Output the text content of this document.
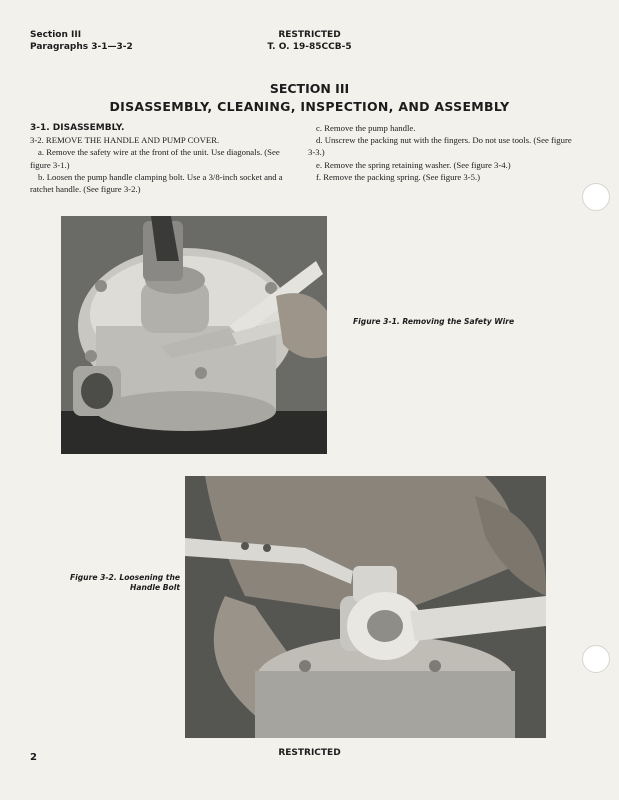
Section III
Paragraphs 3-1—3-2
RESTRICTED
T. O. 19-85CCB-5
SECTION III
DISASSEMBLY, CLEANING, INSPECTION, AND ASSEMBLY

3-1. DISASSEMBLY.

3-2. REMOVE THE HANDLE AND PUMP COVER.

a. Remove the safety wire at the front of the unit. Use diagonals. (See figure 3-1.)

b. Loosen the pump handle clamping bolt. Use a 3/8-inch socket and a ratchet handle. (See figure 3-2.)

c. Remove the pump handle.

d. Unscrew the packing nut with the fingers. Do not use tools. (See figure 3-3.)

e. Remove the spring retaining washer. (See figure 3-4.)

f. Remove the packing spring. (See figure 3-5.)

Figure 3-1. Removing the Safety Wire
Figure 3-2. Loosening the
Handle Bolt
2	RESTRICTED
